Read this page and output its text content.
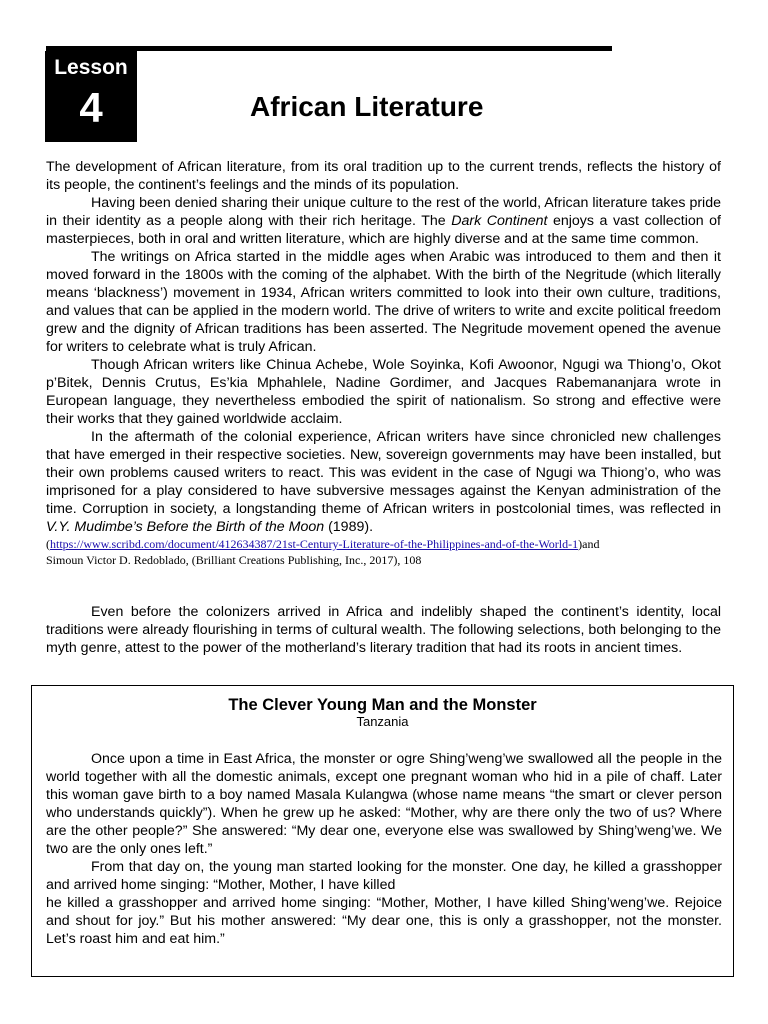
Lesson
4	African Literature

The development of African literature, from its oral tradition up to the current trends, reflects the history of its people, the continent’s feelings and the minds of its population.

Having been denied sharing their unique culture to the rest of the world, African literature takes pride in their identity as a people along with their rich heritage. The Dark Continent enjoys a vast collection of masterpieces, both in oral and written literature, which are highly diverse and at the same time common.

The writings on Africa started in the middle ages when Arabic was introduced to them and then it moved forward in the 1800s with the coming of the alphabet. With the birth of the Negritude (which literally means ‘blackness’) movement in 1934, African writers committed to look into their own culture, traditions, and values that can be applied in the modern world. The drive of writers to write and excite political freedom grew and the dignity of African traditions has been asserted. The Negritude movement opened the avenue for writers to celebrate what is truly African.

Though African writers like Chinua Achebe, Wole Soyinka, Kofi Awoonor, Ngugi wa Thiong’o, Okot p’Bitek, Dennis Crutus, Es’kia Mphahlele, Nadine Gordimer, and Jacques Rabemananjara wrote in European language, they nevertheless embodied the spirit of nationalism. So strong and effective were their works that they gained worldwide acclaim.

In the aftermath of the colonial experience, African writers have since chronicled new challenges that have emerged in their respective societies. New, sovereign governments may have been installed, but their own problems caused writers to react. This was evident in the case of Ngugi wa Thiong’o, who was imprisoned for a play considered to have subversive messages against the Kenyan administration of the time. Corruption in society, a longstanding theme of African writers in postcolonial times, was reflected in V.Y. Mudimbe’s Before the Birth of the Moon (1989).

(https://www.scribd.com/document/412634387/21st-Century-Literature-of-the-Philippines-and-of-the-World-1)and

Simoun Victor D. Redoblado, (Brilliant Creations Publishing, Inc., 2017), 108

Even before the colonizers arrived in Africa and indelibly shaped the continent’s identity, local traditions were already flourishing in terms of cultural wealth. The following selections, both belonging to the myth genre, attest to the power of the motherland’s literary tradition that had its roots in ancient times.

The Clever Young Man and the Monster
Tanzania

Once upon a time in East Africa, the monster or ogre Shing’weng’we swallowed all the people in the world together with all the domestic animals, except one pregnant woman who hid in a pile of chaff. Later this woman gave birth to a boy named Masala Kulangwa (whose name means “the smart or clever person who understands quickly”). When he grew up he asked: “Mother, why are there only the two of us? Where are the other people?” She answered: “My dear one, everyone else was swallowed by Shing’weng’we. We two are the only ones left.”

From that day on, the young man started looking for the monster. One day, he killed a grasshopper and arrived home singing: “Mother, Mother, I have killed

he killed a grasshopper and arrived home singing: “Mother, Mother, I have killed Shing’weng’we. Rejoice and shout for joy.” But his mother answered: “My dear one, this is only a grasshopper, not the monster. Let’s roast him and eat him.”
